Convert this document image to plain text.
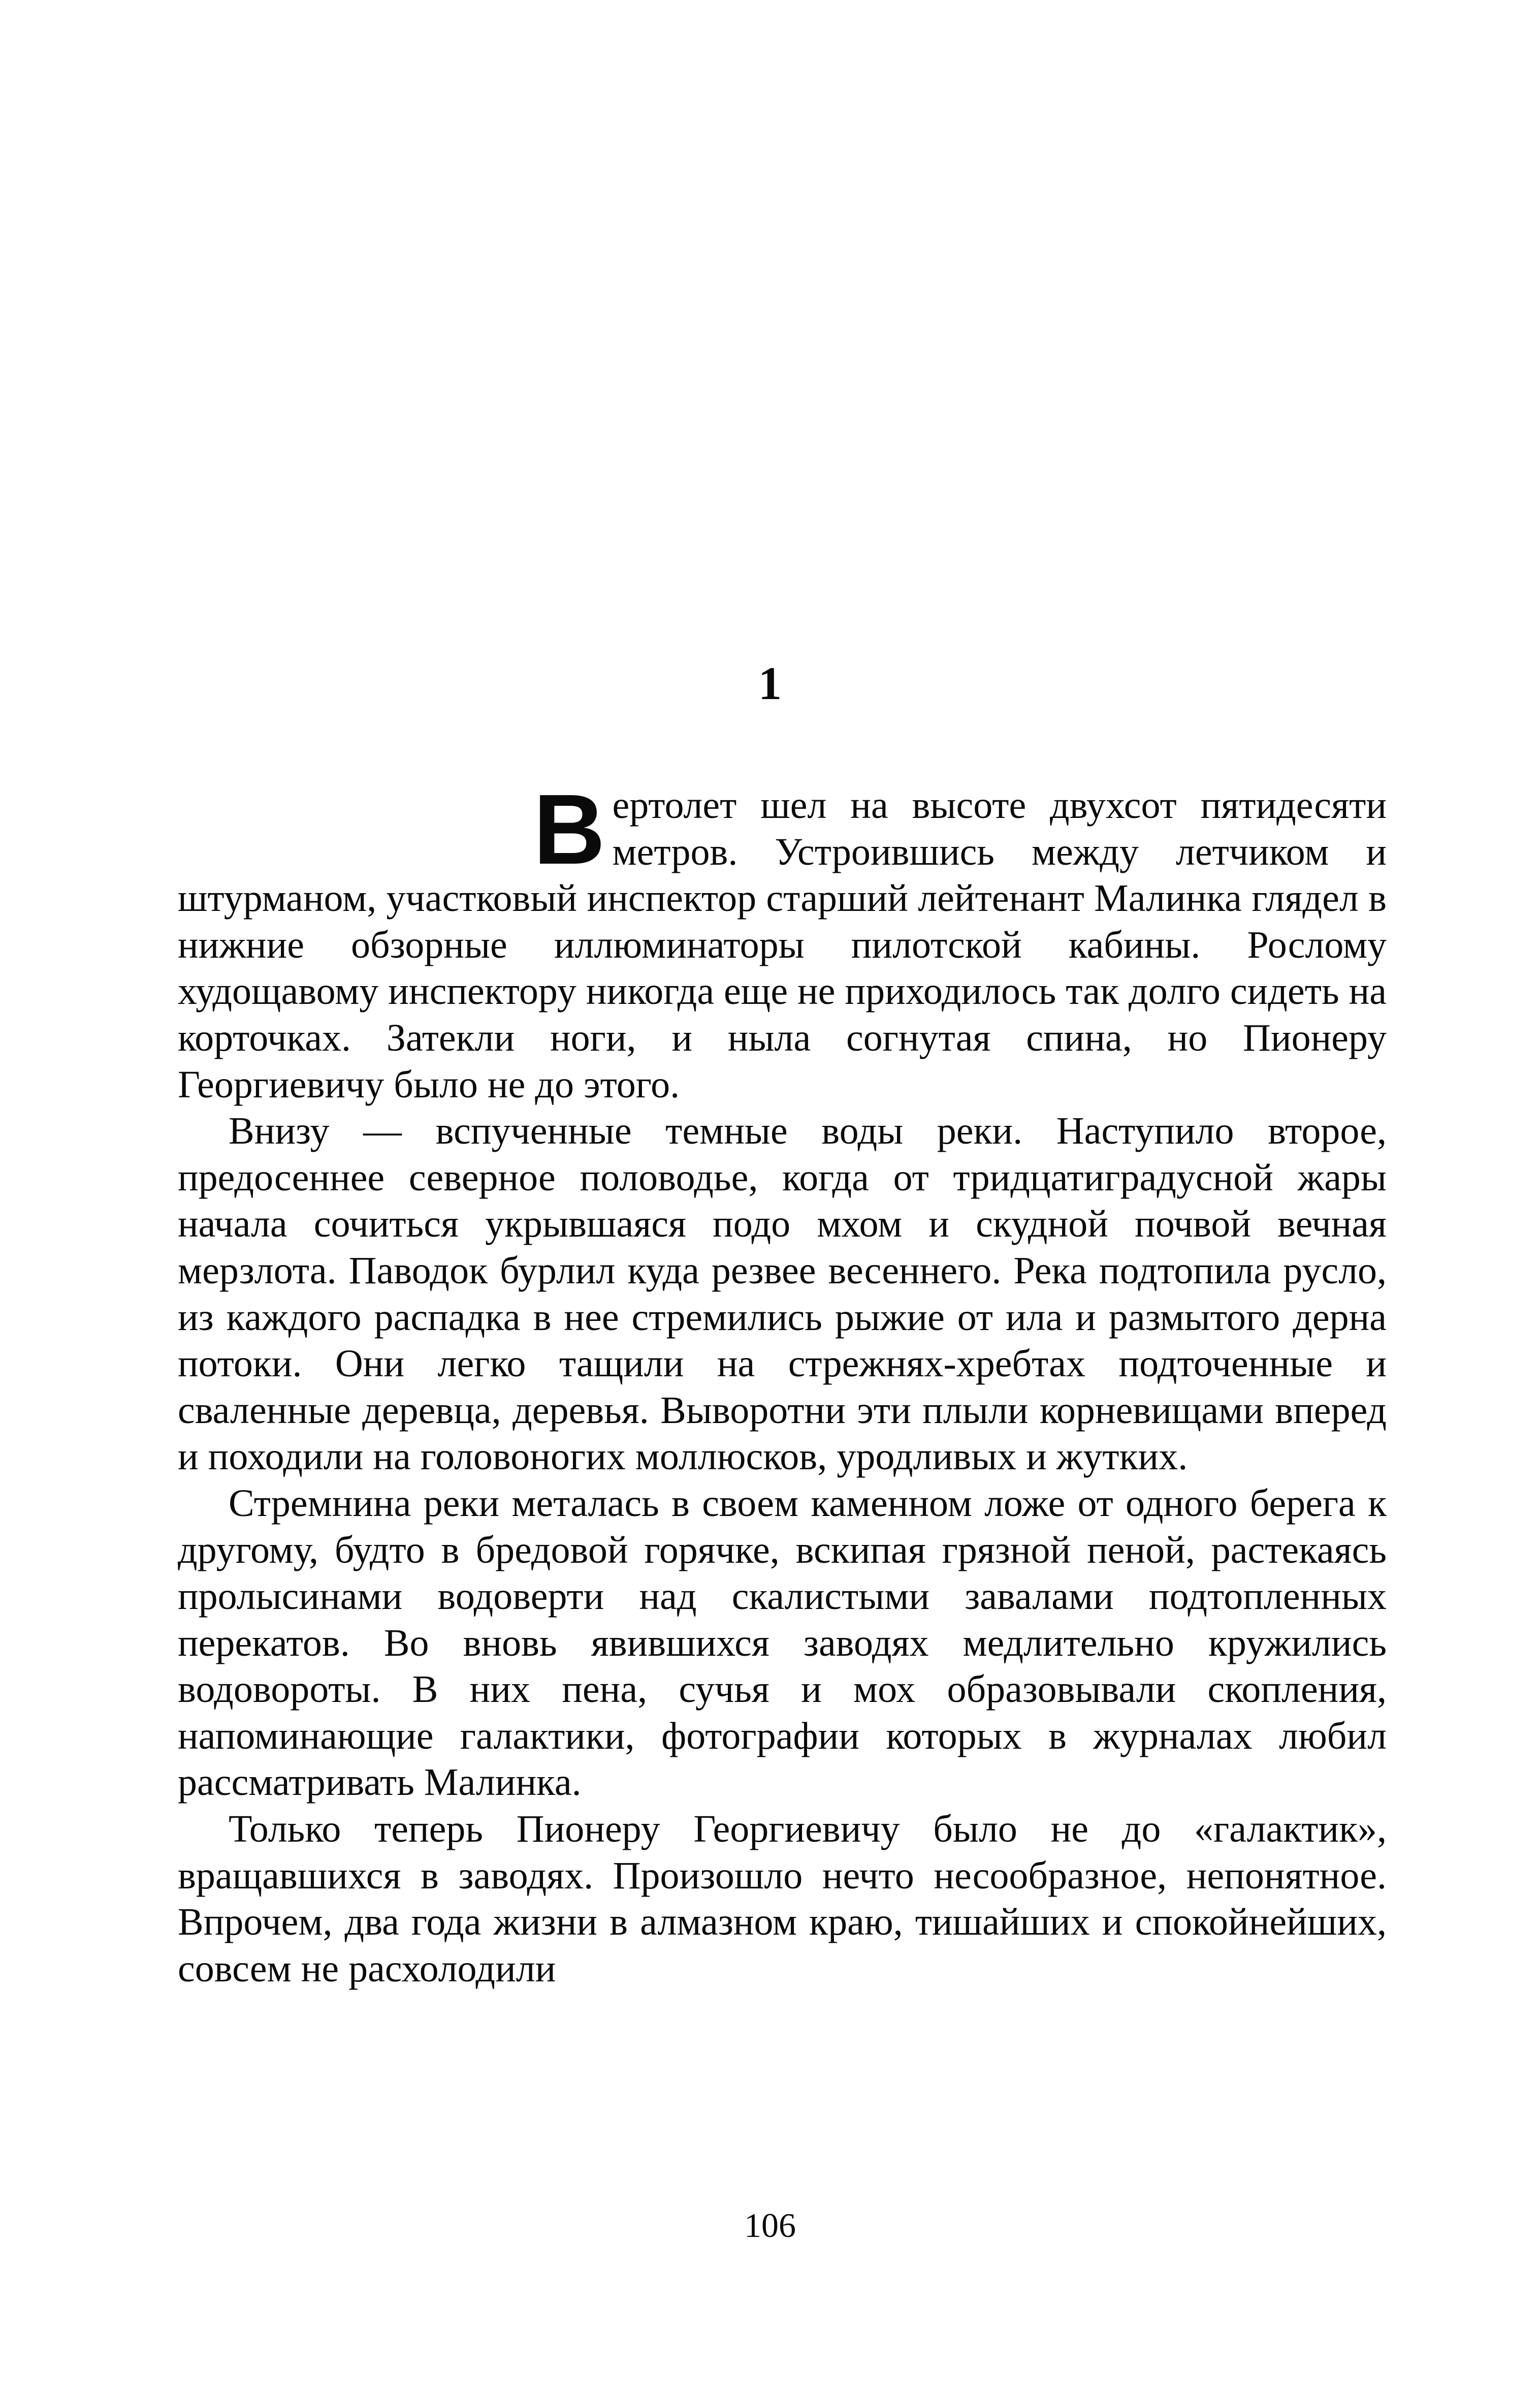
1

Вертолет шел на высоте двухсот пятидесяти метров. Устроившись между летчиком и штурманом, участковый инспектор старший лейтенант Малинка глядел в нижние обзорные иллюминаторы пилотской кабины. Рослому худощавому инспектору никогда еще не приходилось так долго сидеть на корточках. Затекли ноги, и ныла согнутая спина, но Пионеру Георгиевичу было не до этого.

Внизу — вспученные темные воды реки. Наступило второе, предосеннее северное половодье, когда от тридцатиградусной жары начала сочиться укрывшаяся подо мхом и скудной почвой вечная мерзлота. Паводок бурлил куда резвее весеннего. Река подтопила русло, из каждого распадка в нее стремились рыжие от ила и размытого дерна потоки. Они легко тащили на стрежнях-хребтах подточенные и сваленные деревца, деревья. Выворотни эти плыли корневищами вперед и походили на головоногих моллюсков, уродливых и жутких.

Стремнина реки металась в своем каменном ложе от одного берега к другому, будто в бредовой горячке, вскипая грязной пеной, растекаясь пролысинами водоверти над скалистыми завалами подтопленных перекатов. Во вновь явившихся заводях медлительно кружились водовороты. В них пена, сучья и мох образовывали скопления, напоминающие галактики, фотографии которых в журналах любил рассматривать Малинка.

Только теперь Пионеру Георгиевичу было не до «галактик», вращавшихся в заводях. Произошло нечто несообразное, непонятное. Впрочем, два года жизни в алмазном краю, тишайших и спокойнейших, совсем не расхолодили

106
